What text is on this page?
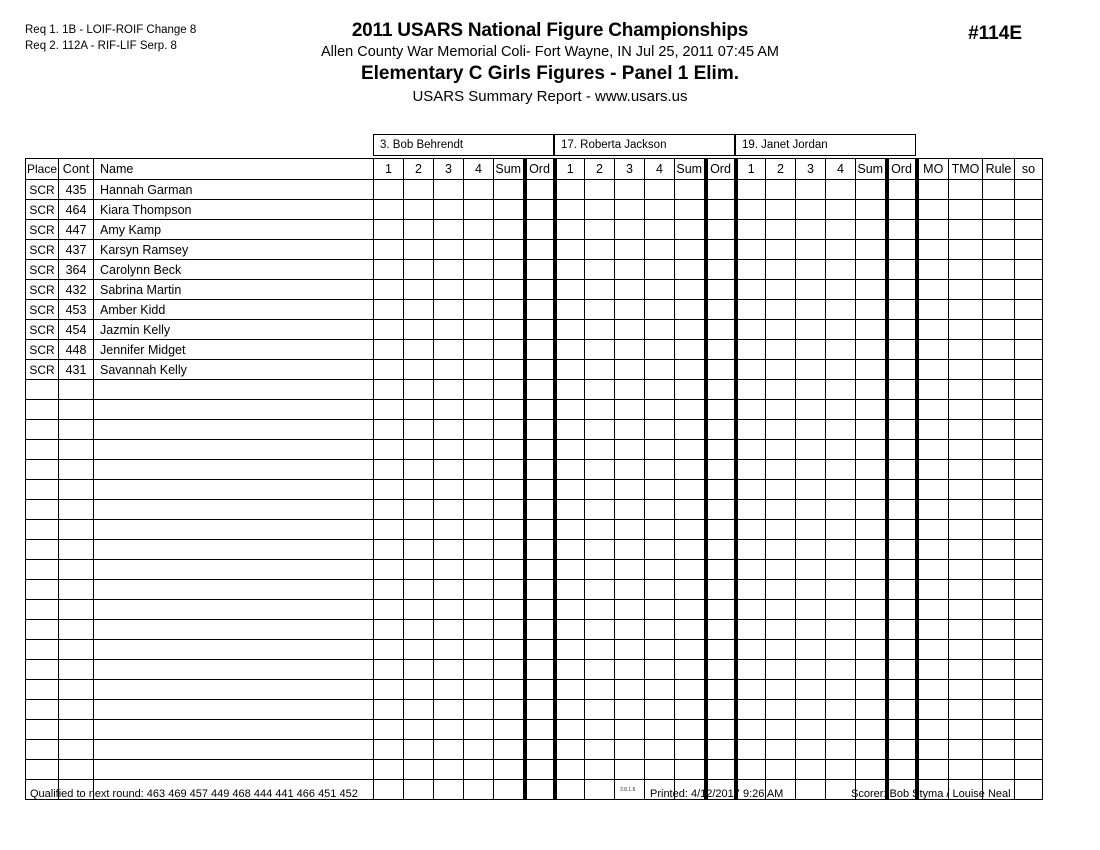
Req 1. 1B - LOIF-ROIF Change 8
Req 2. 112A - RIF-LIF Serp. 8
2011 USARS National Figure Championships
Allen County War Memorial Coli- Fort Wayne, IN Jul 25, 2011 07:45 AM
Elementary C Girls Figures - Panel 1 Elim.
USARS Summary Report - www.usars.us
#114E
3. Bob Behrendt	17. Roberta Jackson	19. Janet Jordan
Place	Cont	Name	1	2	3	4	Sum	Ord	1	2	3	4	Sum	Ord	1	2	3	4	Sum	Ord	MO	TMO	Rule	so
SCR	435	Hannah Garman																						
SCR	464	Kiara Thompson																						
SCR	447	Amy Kamp																						
SCR	437	Karsyn Ramsey																						
SCR	364	Carolynn Beck																						
SCR	432	Sabrina Martin																						
SCR	453	Amber Kidd																						
SCR	454	Jazmin Kelly																						
SCR	448	Jennifer Midget																						
SCR	431	Savannah Kelly																						

Qualified to next round: 463 469 457 449 468 444 441 466 451 452	3.8.1.8 Printed: 4/12/2017 9:26 AM	Scorer: Bob Styma / Louise Neal
